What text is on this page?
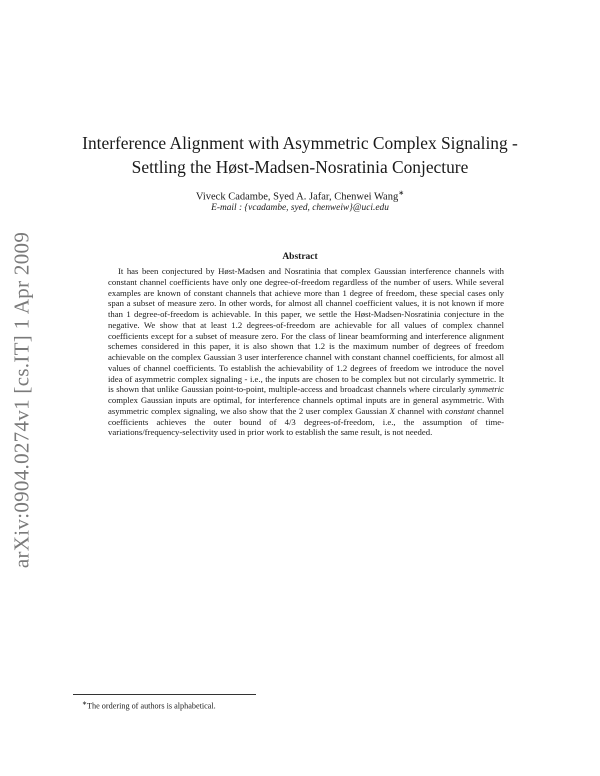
arXiv:0904.0274v1 [cs.IT] 1 Apr 2009
Interference Alignment with Asymmetric Complex Signaling -
Settling the Høst-Madsen-Nosratinia Conjecture
Viveck Cadambe, Syed A. Jafar, Chenwei Wang∗
E-mail : {vcadambe, syed, chenweiw}@uci.edu
Abstract

It has been conjectured by Høst-Madsen and Nosratinia that complex Gaussian interference channels with constant channel coefficients have only one degree-of-freedom regardless of the number of users. While several examples are known of constant channels that achieve more than 1 degree of freedom, these special cases only span a subset of measure zero. In other words, for almost all channel coefficient values, it is not known if more than 1 degree-of-freedom is achievable. In this paper, we settle the Høst-Madsen-Nosratinia conjecture in the negative. We show that at least 1.2 degrees-of-freedom are achievable for all values of complex channel coefficients except for a subset of measure zero. For the class of linear beamforming and interference alignment schemes considered in this paper, it is also shown that 1.2 is the maximum number of degrees of freedom achievable on the complex Gaussian 3 user interference channel with constant channel coefficients, for almost all values of channel coefficients. To establish the achievability of 1.2 degrees of freedom we introduce the novel idea of asymmetric complex signaling - i.e., the inputs are chosen to be complex but not circularly symmetric. It is shown that unlike Gaussian point-to-point, multiple-access and broadcast channels where circularly symmetric complex Gaussian inputs are optimal, for interference channels optimal inputs are in general asymmetric. With asymmetric complex signaling, we also show that the 2 user complex Gaussian X channel with constant channel coefficients achieves the outer bound of 4/3 degrees-of-freedom, i.e., the assumption of time-variations/frequency-selectivity used in prior work to establish the same result, is not needed.

∗The ordering of authors is alphabetical.
